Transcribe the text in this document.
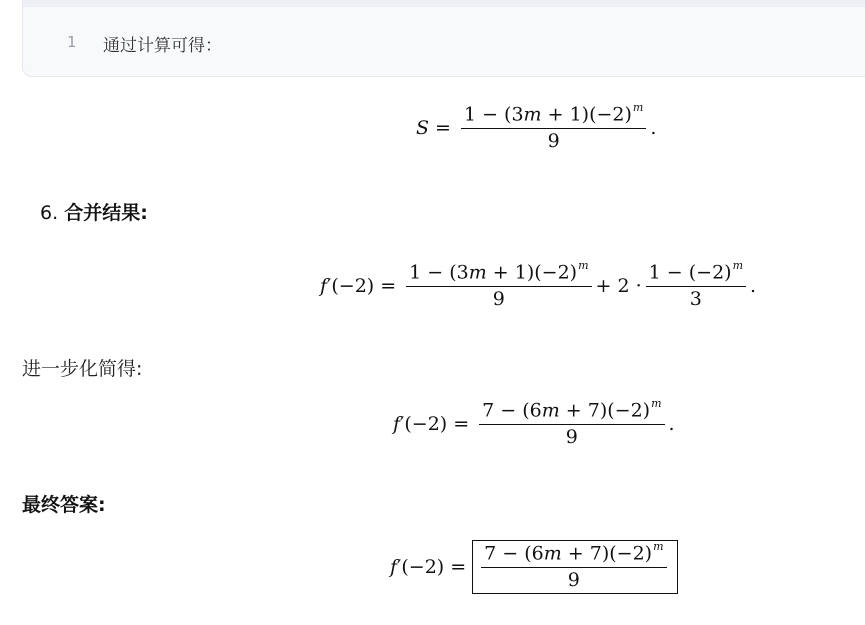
1 通过计算可得：
$S = \frac{1 - (3m + 1)(-2)^m}{9}$ .
6. 合并结果:
f $'(-2) = \frac{1 - (3m + 1)(-2)^m}{9} + 2 \cdot \frac{1 - (-2)^m}{3}$ .
进一步化简得:
f $'(-2) = \frac{7 - (6m + 7)(-2)^m}{9}$ .
最终答案:
f $'(-2) = \frac{7 - (6m + 7)(-2)^m}{9}$
